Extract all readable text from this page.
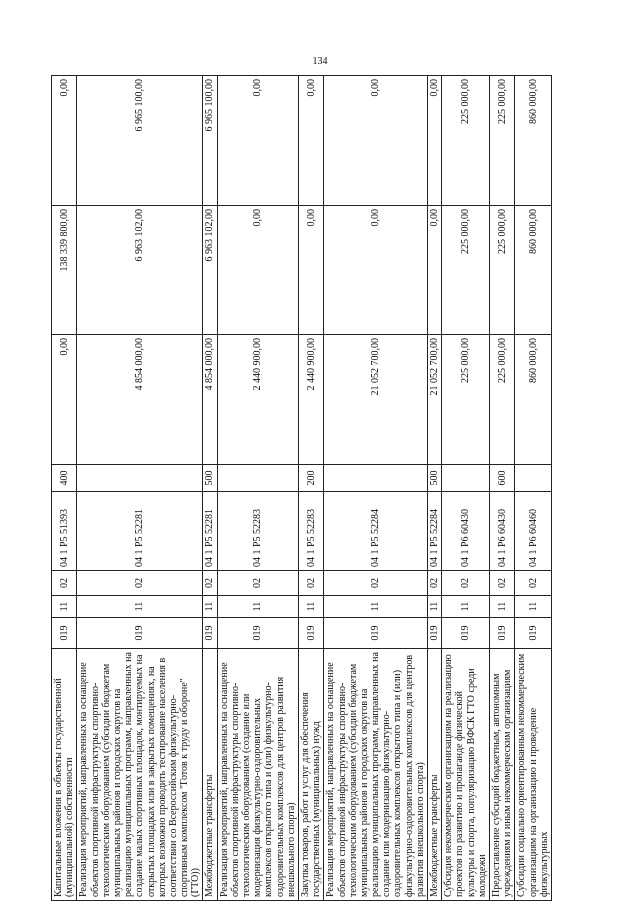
134
Капитальные вложения в объекты государственной (муниципальной) собственности	019	11	02	04 1 P5 51393	400	0,00	138 339 800,00	0,00
Реализация мероприятий, направленных на оснащение объектов спортивной инфраструктуры спортивно-технологическим оборудованием (субсидии бюджетам муниципальных районов и городских округов на реализацию муниципальных программ, направленных на создание малых спортивных площадок, монтируемых на открытых площадках или в закрытых помещениях, на которых возможно проводить тестирование населения в соответствии со Всероссийским физкультурно-спортивным комплексом "Готов к труду и обороне" (ГТО))	019	11	02	04 1 P5 52281		4 854 000,00	6 963 102,00	6 965 100,00
Межбюджетные трансферты	019	11	02	04 1 P5 52281	500	4 854 000,00	6 963 102,00	6 965 100,00
Реализация мероприятий, направленных на оснащение объектов спортивной инфраструктуры спортивно-технологическим оборудованием (создание или модернизация физкультурно-оздоровительных комплексов открытого типа и (или) физкультурно-оздоровительных комплексов для центров развития внешкольного спорта)	019	11	02	04 1 P5 52283		2 440 900,00	0,00	0,00
Закупка товаров, работ и услуг для обеспечения государственных (муниципальных) нужд	019	11	02	04 1 P5 52283	200	2 440 900,00	0,00	0,00
Реализация мероприятий, направленных на оснащение объектов спортивной инфраструктуры спортивно-технологическим оборудованием (субсидии бюджетам муниципальных районов и городских округов на реализацию муниципальных программ, направленных на создание или модернизацию физкультурно-оздоровительных комплексов открытого типа и (или) физкультурно-оздоровительных комплексов для центров развития внешкольного спорта)	019	11	02	04 1 P5 52284		21 052 700,00	0,00	0,00
Межбюджетные трансферты	019	11	02	04 1 P5 52284	500	21 052 700,00	0,00	0,00
Субсидия некоммерческим организациям на реализацию проектов по развитию и пропаганде физической культуры и спорта, популяризацию ВФСК ГТО среди молодежи	019	11	02	04 1 P6 60430		225 000,00	225 000,00	225 000,00
Предоставление субсидий бюджетным, автономным учреждениям и иным некоммерческим организациям	019	11	02	04 1 P6 60430	600	225 000,00	225 000,00	225 000,00
Субсидии социально ориентированным некоммерческим организациям на организацию и проведение физкультурных	019	11	02	04 1 P6 60460		860 000,00	860 000,00	860 000,00
